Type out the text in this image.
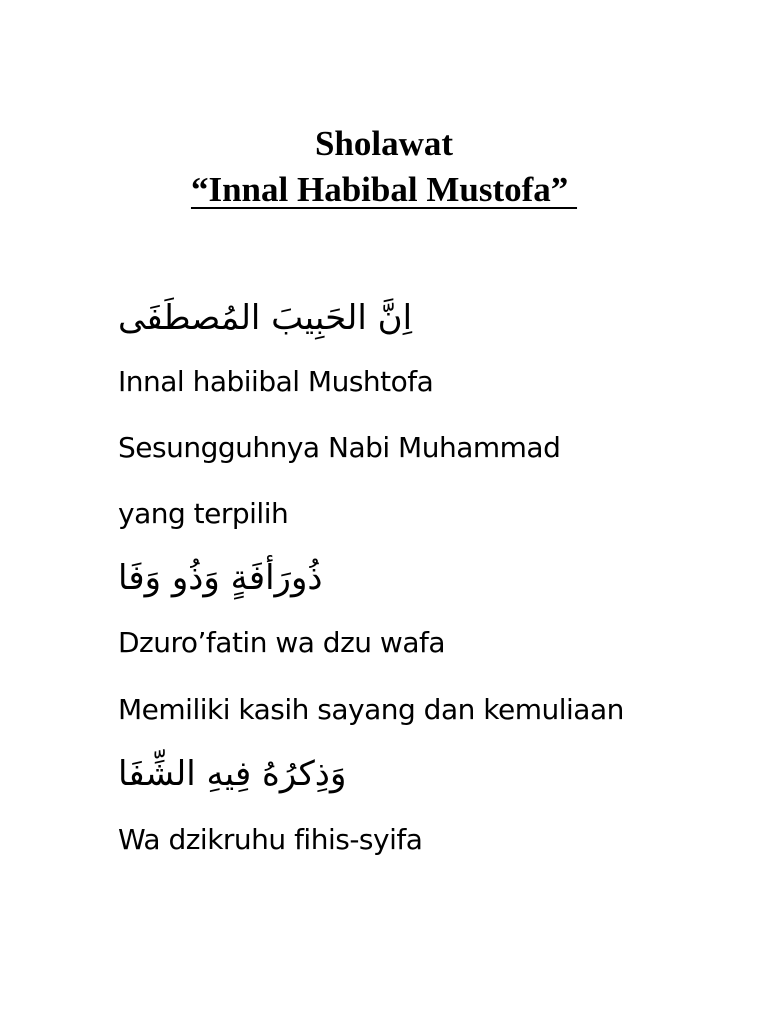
Sholawat
“Innal Habibal Mustofa”
اِنَّ الحَبِيبَ المُصطَفَى
Innal habiibal Mushtofa
Sesungguhnya Nabi Muhammad
yang terpilih
ذُورَأفَةٍ وَذُو وَفَا
Dzuro’fatin wa dzu wafa
Memiliki kasih sayang dan kemuliaan
وَذِكرُهُ فِيهِ الشِّفَا
Wa dzikruhu fihis-syifa
